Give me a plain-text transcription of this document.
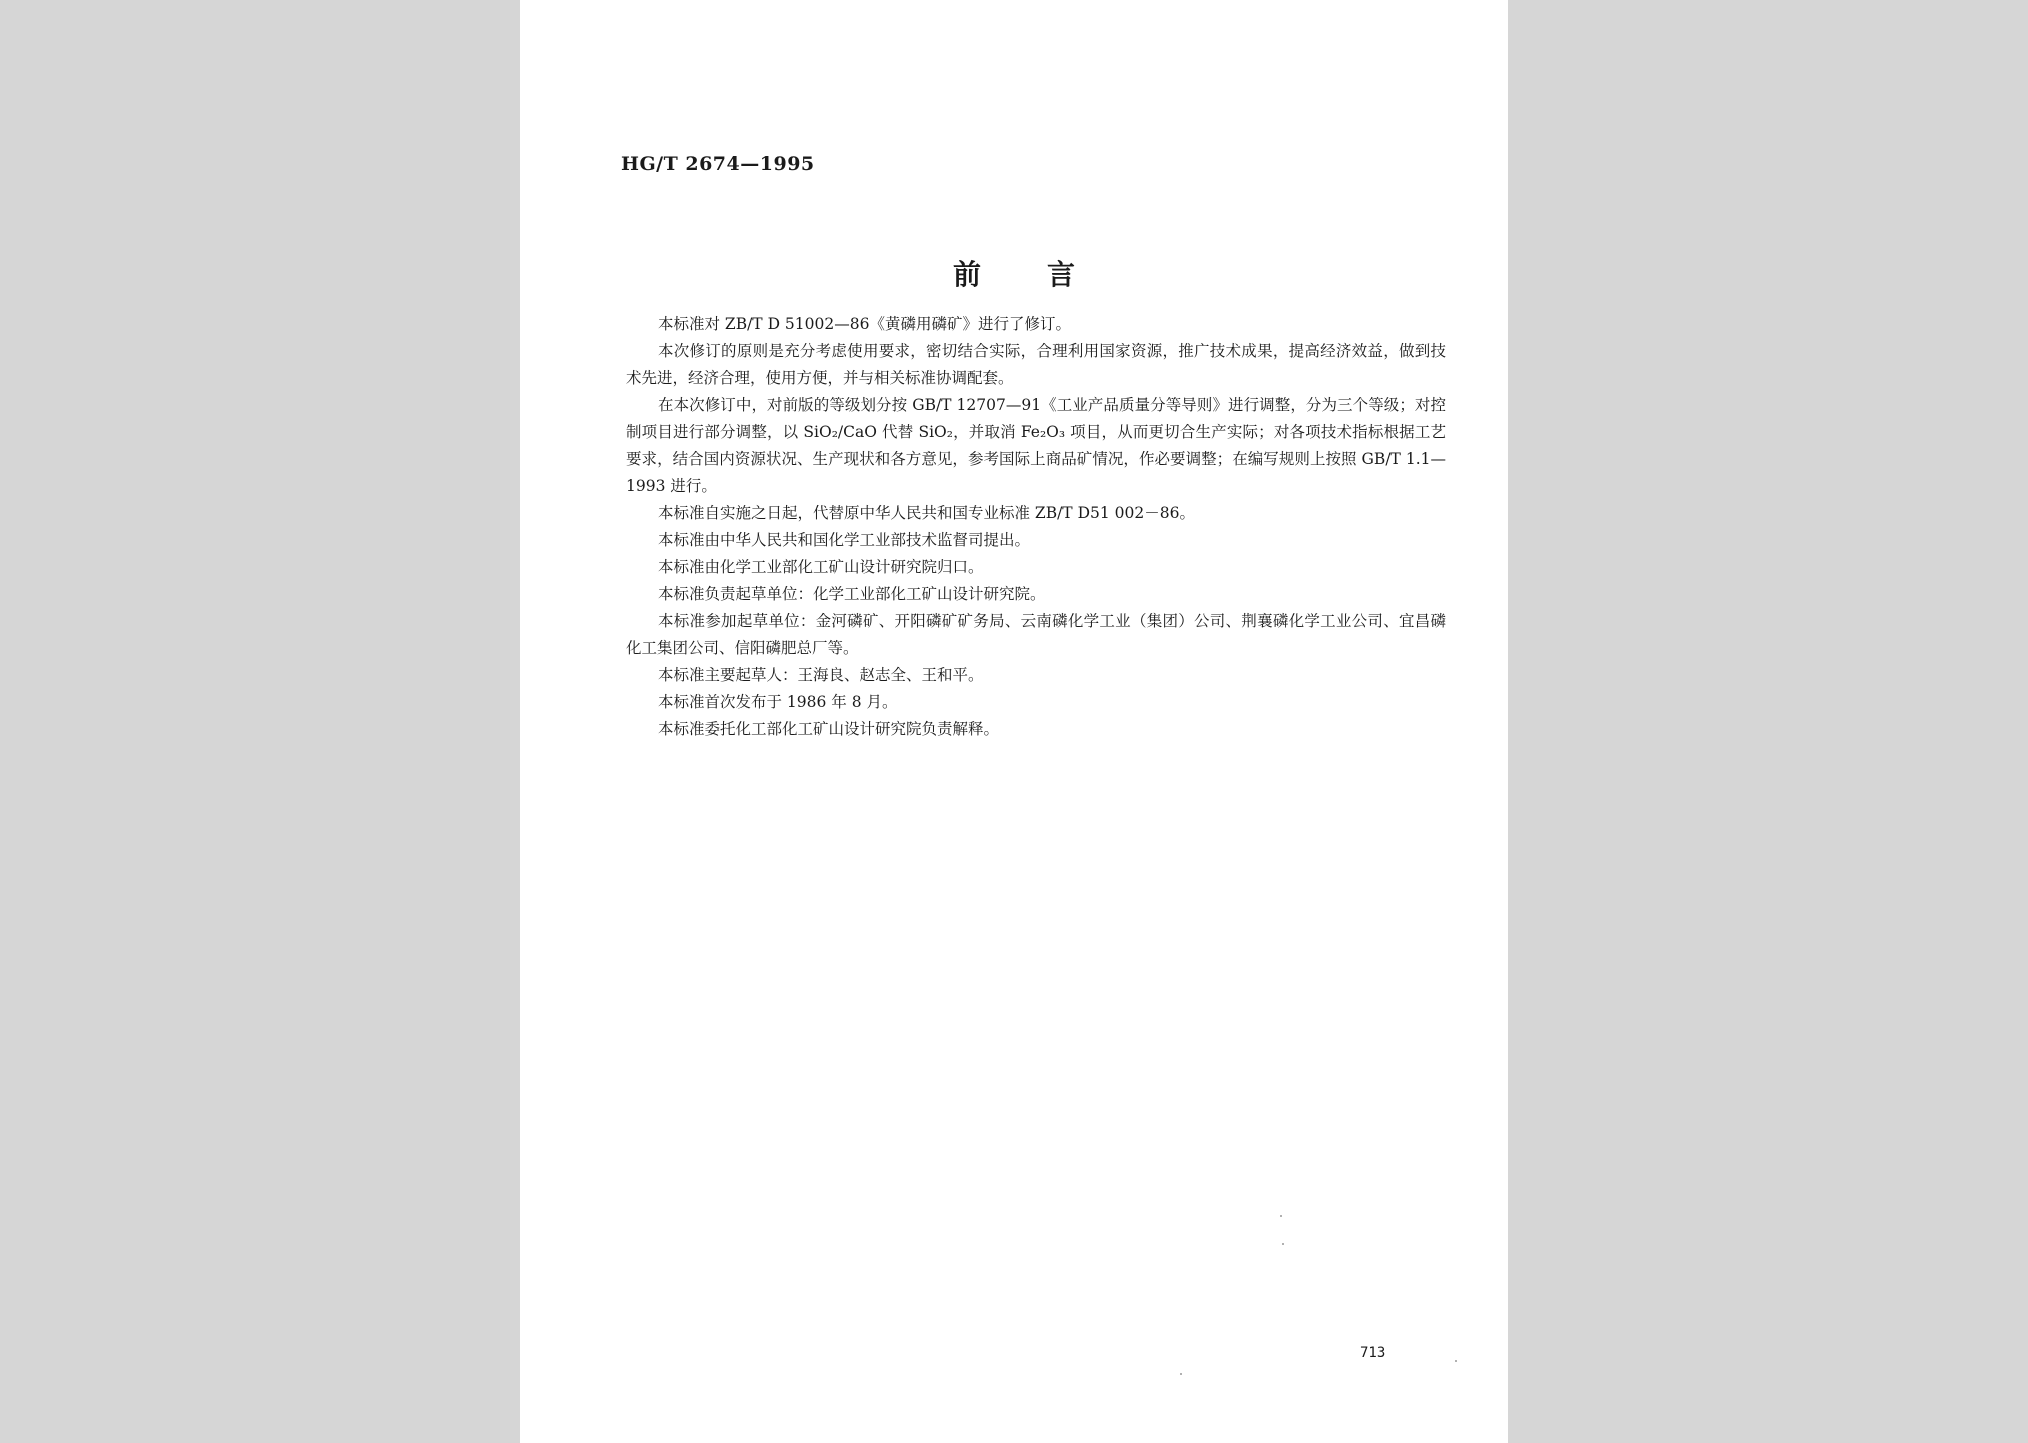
HG/T 2674—1995
前 言

本标准对 ZB/T D 51002—86《黄磷用磷矿》进行了修订。

本次修订的原则是充分考虑使用要求，密切结合实际，合理利用国家资源，推广技术成果，提高经济效益，做到技术先进，经济合理，使用方便，并与相关标准协调配套。

在本次修订中，对前版的等级划分按 GB/T 12707—91《工业产品质量分等导则》进行调整，分为三个等级；对控制项目进行部分调整，以 SiO₂/CaO 代替 SiO₂，并取消 Fe₂O₃ 项目，从而更切合生产实际；对各项技术指标根据工艺要求，结合国内资源状况、生产现状和各方意见，参考国际上商品矿情况，作必要调整；在编写规则上按照 GB/T 1.1—1993 进行。

本标准自实施之日起，代替原中华人民共和国专业标准 ZB/T D51 002－86。

本标准由中华人民共和国化学工业部技术监督司提出。

本标准由化学工业部化工矿山设计研究院归口。

本标准负责起草单位：化学工业部化工矿山设计研究院。

本标准参加起草单位：金河磷矿、开阳磷矿矿务局、云南磷化学工业（集团）公司、荆襄磷化学工业公司、宜昌磷化工集团公司、信阳磷肥总厂等。

本标准主要起草人：王海良、赵志全、王和平。

本标准首次发布于 1986 年 8 月。

本标准委托化工部化工矿山设计研究院负责解释。

713
